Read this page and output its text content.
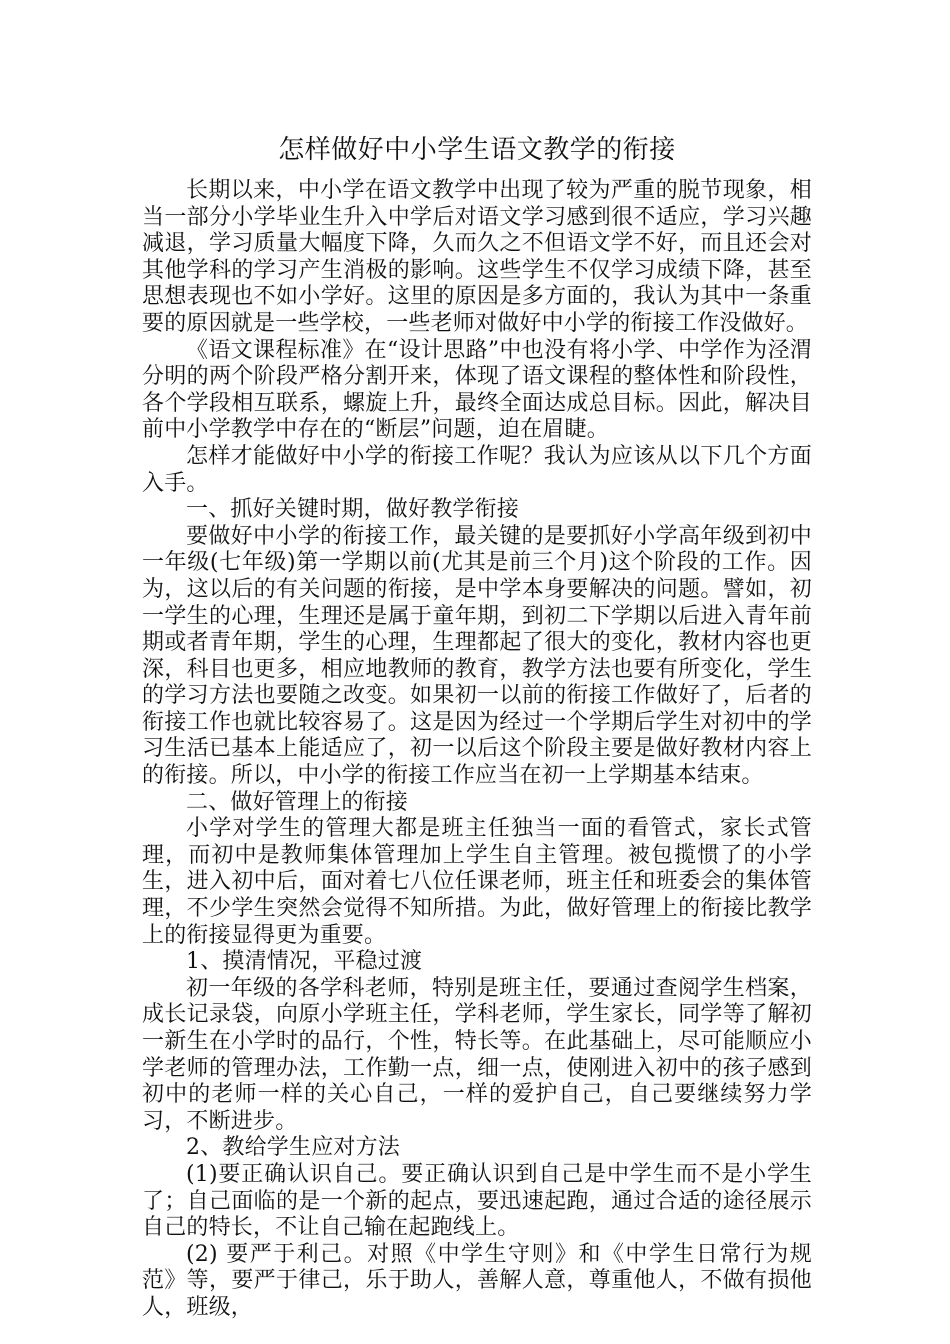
怎样做好中小学生语文教学的衔接

长期以来，中小学在语文教学中出现了较为严重的脱节现象，相当一部分小学毕业生升入中学后对语文学习感到很不适应，学习兴趣减退，学习质量大幅度下降，久而久之不但语文学不好，而且还会对其他学科的学习产生消极的影响。这些学生不仅学习成绩下降，甚至思想表现也不如小学好。这里的原因是多方面的，我认为其中一条重要的原因就是一些学校，一些老师对做好中小学的衔接工作没做好。

《语文课程标准》在“设计思路”中也没有将小学、中学作为泾渭分明的两个阶段严格分割开来，体现了语文课程的整体性和阶段性，各个学段相互联系，螺旋上升，最终全面达成总目标。因此，解决目前中小学教学中存在的“断层”问题，迫在眉睫。

怎样才能做好中小学的衔接工作呢？我认为应该从以下几个方面入手。

一、抓好关键时期，做好教学衔接

要做好中小学的衔接工作，最关键的是要抓好小学高年级到初中一年级(七年级)第一学期以前(尤其是前三个月)这个阶段的工作。因为，这以后的有关问题的衔接，是中学本身要解决的问题。譬如，初一学生的心理，生理还是属于童年期，到初二下学期以后进入青年前期或者青年期，学生的心理，生理都起了很大的变化，教材内容也更深，科目也更多，相应地教师的教育，教学方法也要有所变化，学生的学习方法也要随之改变。如果初一以前的衔接工作做好了，后者的衔接工作也就比较容易了。这是因为经过一个学期后学生对初中的学习生活已基本上能适应了，初一以后这个阶段主要是做好教材内容上的衔接。所以，中小学的衔接工作应当在初一上学期基本结束。

二、做好管理上的衔接

小学对学生的管理大都是班主任独当一面的看管式，家长式管理，而初中是教师集体管理加上学生自主管理。被包揽惯了的小学生，进入初中后，面对着七八位任课老师，班主任和班委会的集体管理，不少学生突然会觉得不知所措。为此，做好管理上的衔接比教学上的衔接显得更为重要。

1、摸清情况，平稳过渡

初一年级的各学科老师，特别是班主任，要通过查阅学生档案，成长记录袋，向原小学班主任，学科老师，学生家长，同学等了解初一新生在小学时的品行，个性，特长等。在此基础上，尽可能顺应小学老师的管理办法，工作勤一点，细一点，使刚进入初中的孩子感到初中的老师一样的关心自己，一样的爱护自己，自己要继续努力学习，不断进步。

2、教给学生应对方法

(1)要正确认识自己。要正确认识到自己是中学生而不是小学生了；自己面临的是一个新的起点，要迅速起跑，通过合适的途径展示自己的特长，不让自己输在起跑线上。

(2) 要严于利己。对照《中学生守则》和《中学生日常行为规范》等，要严于律己，乐于助人，善解人意，尊重他人，不做有损他人，班级，
